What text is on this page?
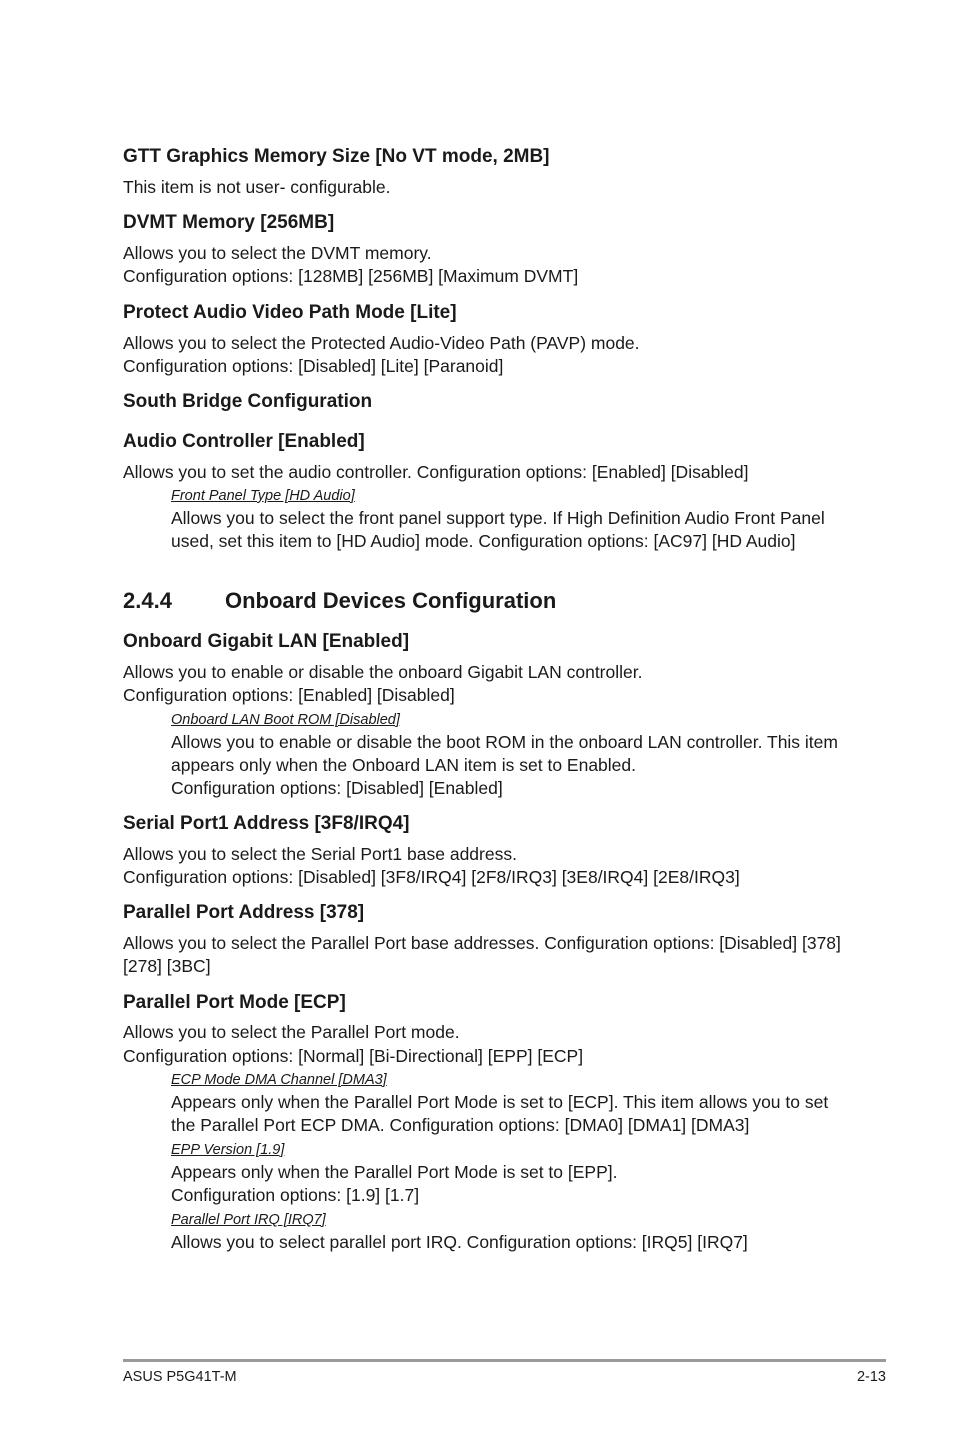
GTT Graphics Memory Size [No VT mode, 2MB]
This item is not user- configurable.
DVMT Memory [256MB]
Allows you to select the DVMT memory.
Configuration options: [128MB] [256MB] [Maximum DVMT]
Protect Audio Video Path Mode [Lite]
Allows you to select the Protected Audio-Video Path (PAVP) mode.
Configuration options: [Disabled] [Lite] [Paranoid]
South Bridge Configuration
Audio Controller [Enabled]
Allows you to set the audio controller. Configuration options: [Enabled] [Disabled]
Front Panel Type [HD Audio]
Allows you to select the front panel support type. If High Definition Audio Front Panel
used, set this item to [HD Audio] mode. Configuration options: [AC97] [HD Audio]
2.4.4 Onboard Devices Configuration
Onboard Gigabit LAN [Enabled]
Allows you to enable or disable the onboard Gigabit LAN controller.
Configuration options: [Enabled] [Disabled]
Onboard LAN Boot ROM [Disabled]
Allows you to enable or disable the boot ROM in the onboard LAN controller. This item
appears only when the Onboard LAN item is set to Enabled.
Configuration options: [Disabled] [Enabled]
Serial Port1 Address [3F8/IRQ4]
Allows you to select the Serial Port1 base address.
Configuration options: [Disabled] [3F8/IRQ4] [2F8/IRQ3] [3E8/IRQ4] [2E8/IRQ3]
Parallel Port Address [378]
Allows you to select the Parallel Port base addresses. Configuration options: [Disabled] [378]
[278] [3BC]
Parallel Port Mode [ECP]
Allows you to select the Parallel Port mode.
Configuration options: [Normal] [Bi-Directional] [EPP] [ECP]
ECP Mode DMA Channel [DMA3]
Appears only when the Parallel Port Mode is set to [ECP]. This item allows you to set
the Parallel Port ECP DMA. Configuration options: [DMA0] [DMA1] [DMA3]
EPP Version [1.9]
Appears only when the Parallel Port Mode is set to [EPP].
Configuration options: [1.9] [1.7]
Parallel Port IRQ [IRQ7]
Allows you to select parallel port IRQ. Configuration options: [IRQ5] [IRQ7]
ASUS P5G41T-M	2-13
